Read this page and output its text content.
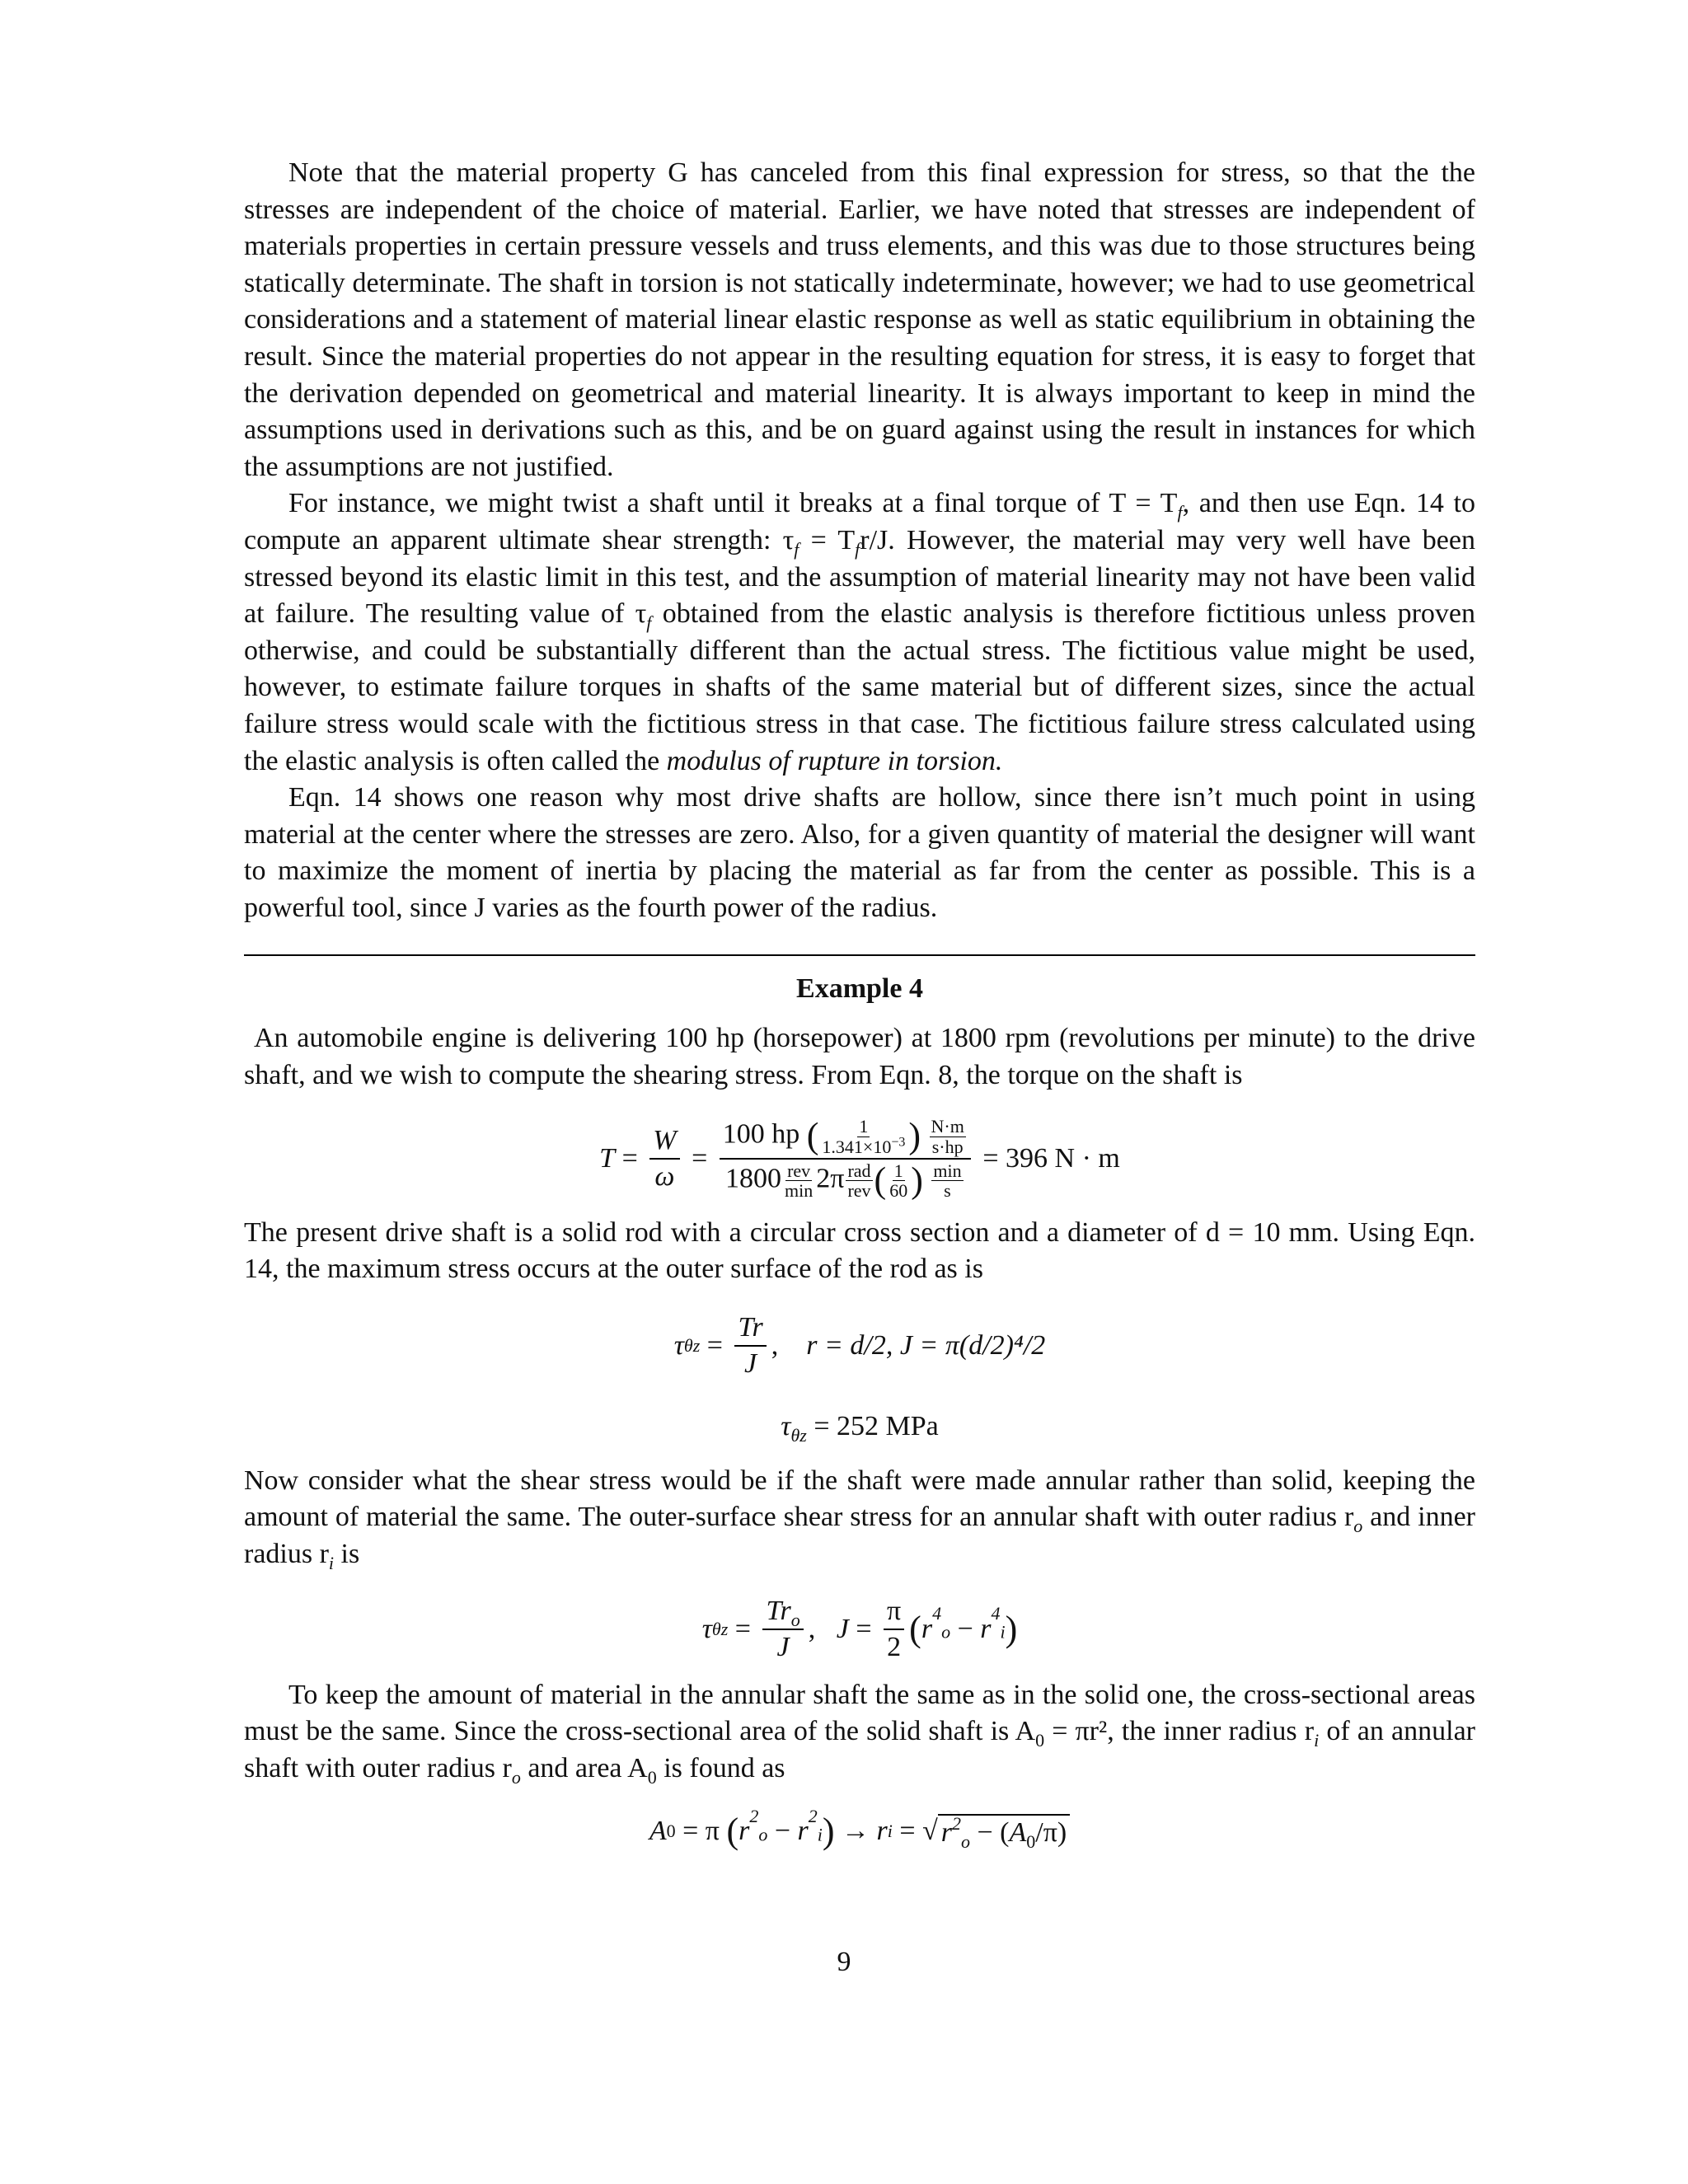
Note that the material property G has canceled from this final expression for stress, so that the the stresses are independent of the choice of material. Earlier, we have noted that stresses are independent of materials properties in certain pressure vessels and truss elements, and this was due to those structures being statically determinate. The shaft in torsion is not statically indeterminate, however; we had to use geometrical considerations and a statement of material linear elastic response as well as static equilibrium in obtaining the result. Since the material properties do not appear in the resulting equation for stress, it is easy to forget that the derivation depended on geometrical and material linearity. It is always important to keep in mind the assumptions used in derivations such as this, and be on guard against using the result in instances for which the assumptions are not justified.

For instance, we might twist a shaft until it breaks at a final torque of $T = T_f$, and then use Eqn. 14 to compute an apparent ultimate shear strength: $\tau_f = T_fr/J$. However, the material may very well have been stressed beyond its elastic limit in this test, and the assumption of material linearity may not have been valid at failure. The resulting value of $\tau_f$ obtained from the elastic analysis is therefore fictitious unless proven otherwise, and could be substantially different than the actual stress. The fictitious value might be used, however, to estimate failure torques in shafts of the same material but of different sizes, since the actual failure stress would scale with the fictitious stress in that case. The fictitious failure stress calculated using the elastic analysis is often called the modulus of rupture in torsion.

Eqn. 14 shows one reason why most drive shafts are hollow, since there isn’t much point in using material at the center where the stresses are zero. Also, for a given quantity of material the designer will want to maximize the moment of inertia by placing the material as far from the center as possible. This is a powerful tool, since J varies as the fourth power of the radius.

Example 4

An automobile engine is delivering 100 hp (horsepower) at 1800 rpm (revolutions per minute) to the drive shaft, and we wish to compute the shearing stress. From Eqn. 8, the torque on the shaft is

$T = \frac{W}{\omega} = \frac{100 hp ( \frac{1}{1.341\times 10^{-3}} ) \frac{N\cdot m}{s\cdot hp}}{1800 \frac{\text{rev}}{\min} 2\pi \frac{\text{rad}}{\text{rev}} ( \frac{1}{60} ) \frac{\min}{s}}$
= 396 N · m

The present drive shaft is a solid rod with a circular cross section and a diameter of d = 10 mm. Using Eqn. 14, the maximum stress occurs at the outer surface of the rod as is

τ $\theta z = \frac{Tr}{J}$ , r = d/2, J = π(d/2)⁴/2
$\tau_{\theta z} = 252$ MPa

Now consider what the shear stress would be if the shaft were made annular rather than solid, keeping the amount of material the same. The outer-surface shear stress for an annular shaft with outer radius $r_o$ and inner radius $r_i$ is

τ $\theta z = \frac{Tr_o}{J}$ , $J = \frac{\pi}{2}$ ( r $^4$o − r $^4$i )

To keep the amount of material in the annular shaft the same as in the solid one, the cross-sectional areas must be the same. Since the cross-sectional area of the solid shaft is $A_0 = \pi r^2$, the inner radius $r_i$ of an annular shaft with outer radius $r_o$ and area $A_0$ is found as

A 0 = π ( r $^2$o − r $^2$i ) → r i = √ $r_{^2o} - (A_0/\pi)$
9
